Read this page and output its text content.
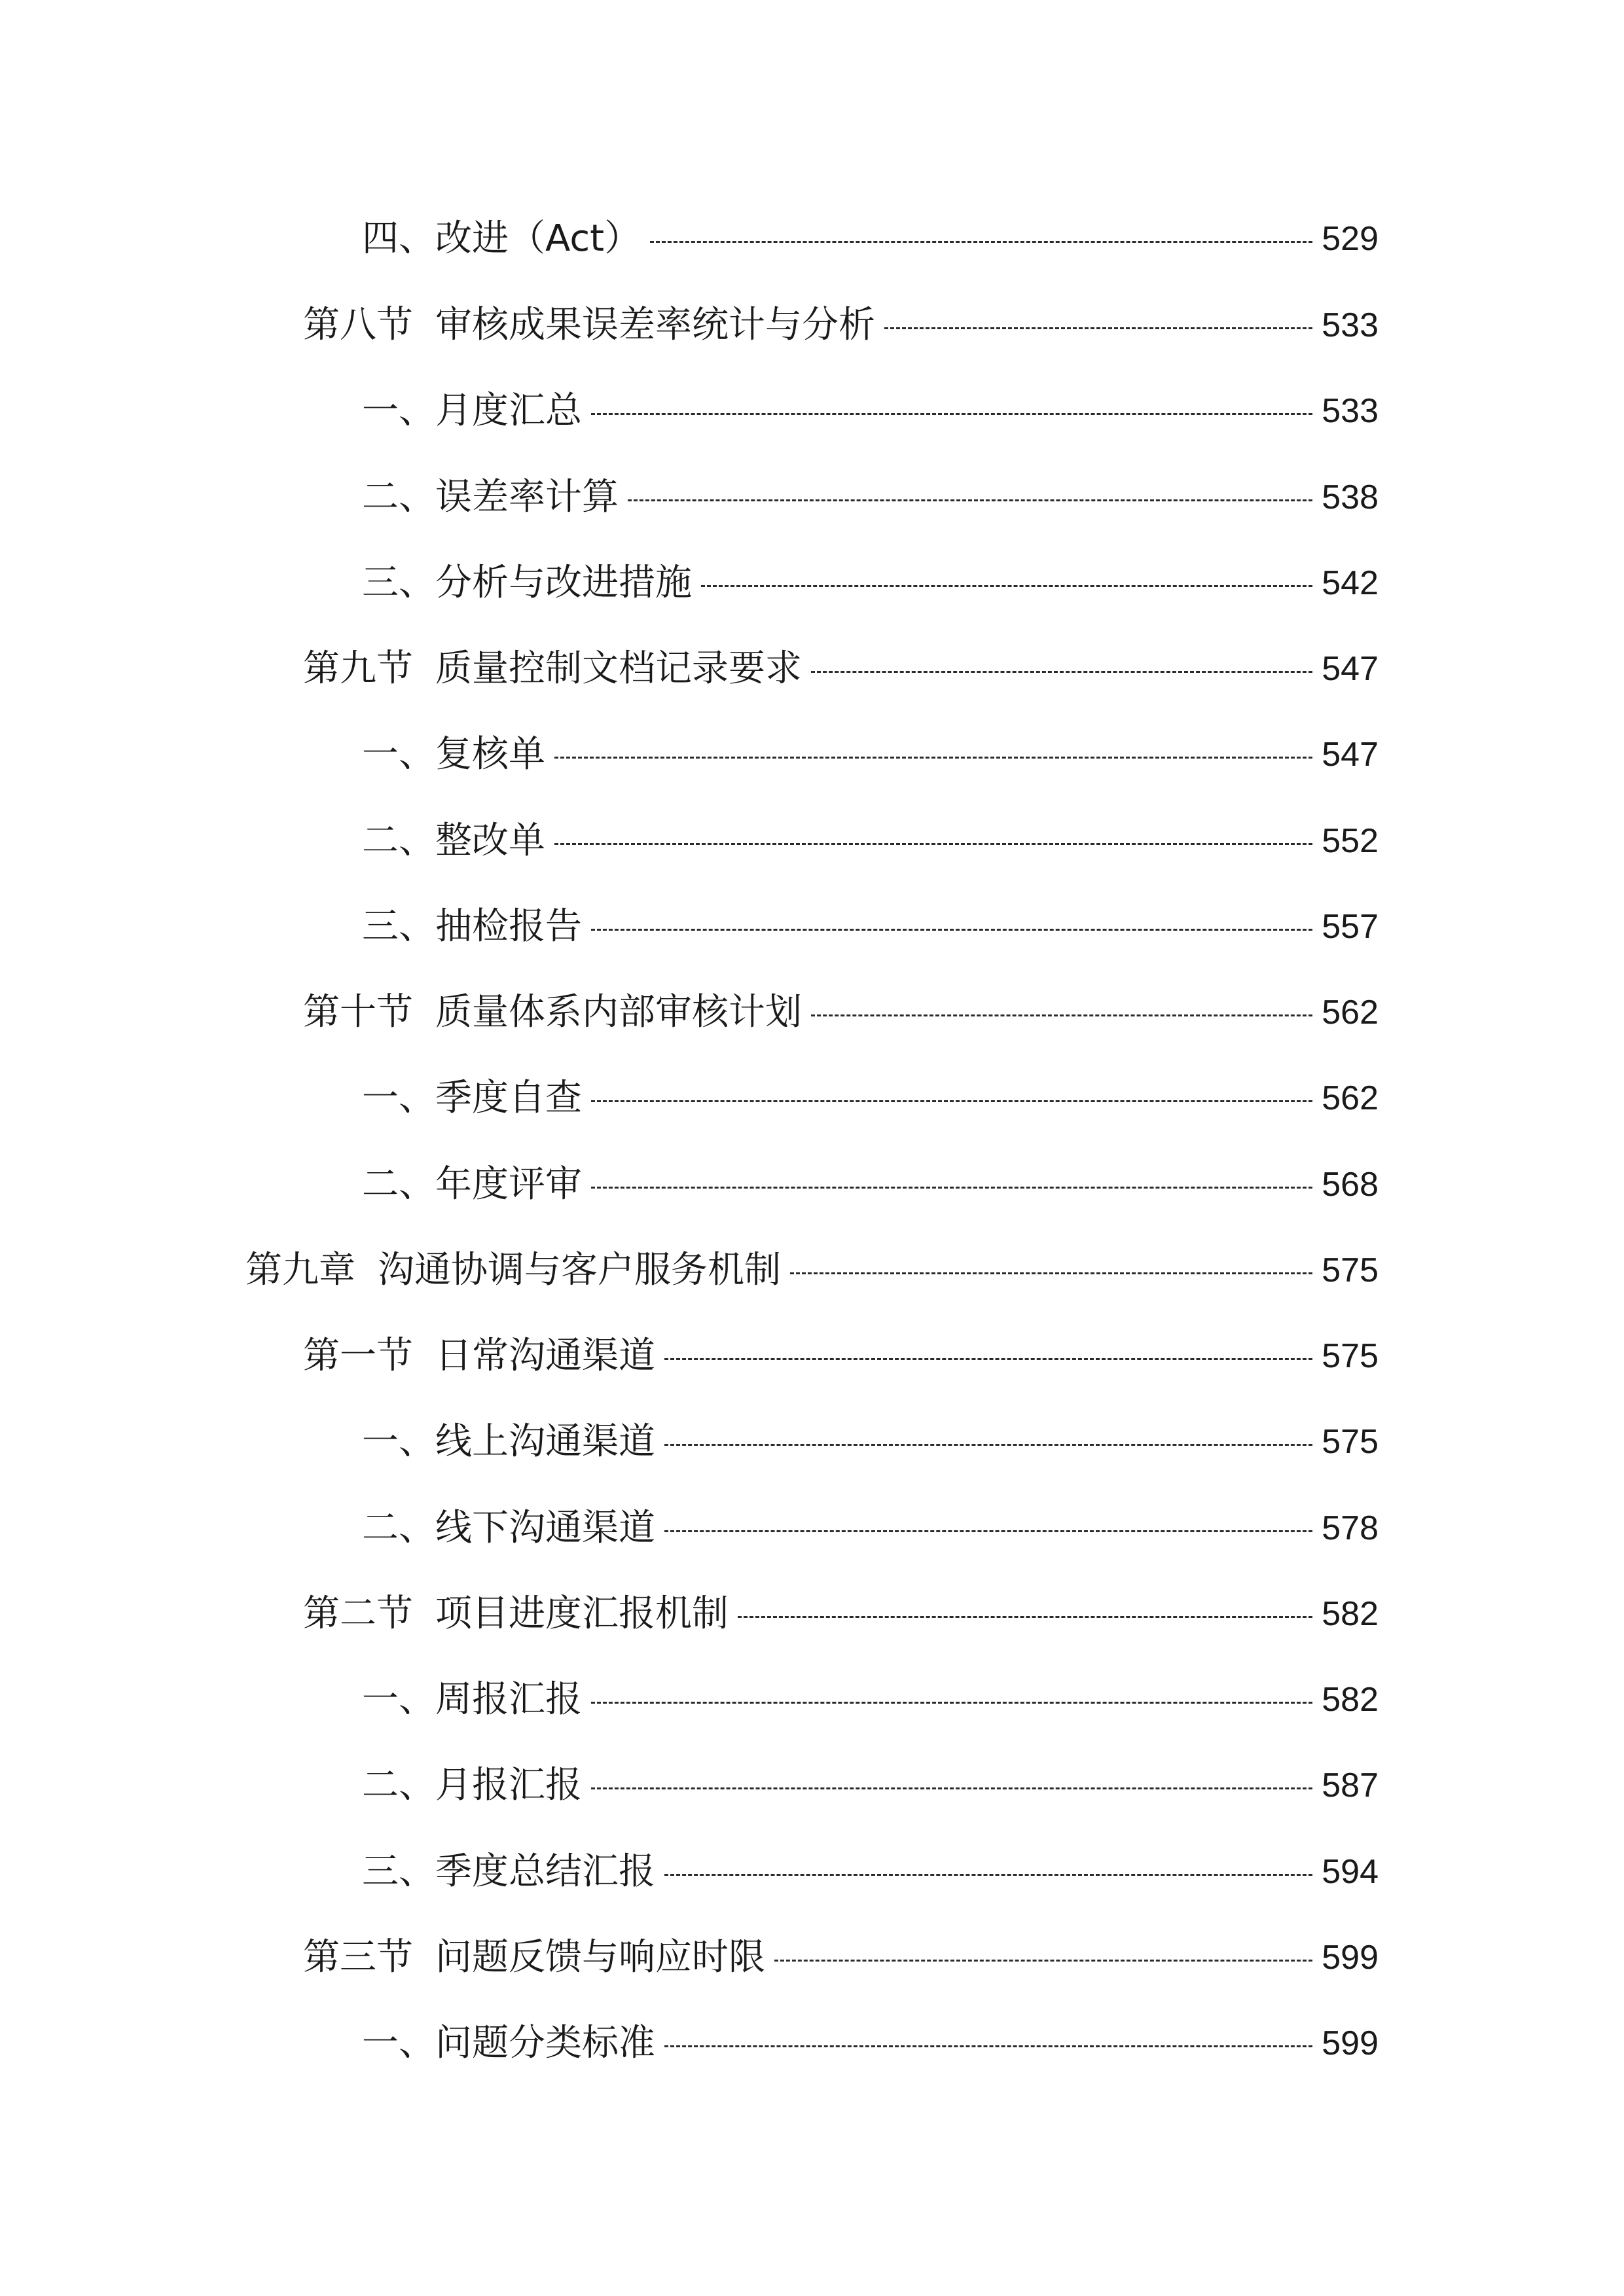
四、改进（Act）	529
第八节 审核成果误差率统计与分析	533
一、月度汇总	533
二、误差率计算	538
三、分析与改进措施	542
第九节 质量控制文档记录要求	547
一、复核单	547
二、整改单	552
三、抽检报告	557
第十节 质量体系内部审核计划	562
一、季度自查	562
二、年度评审	568
第九章 沟通协调与客户服务机制	575
第一节 日常沟通渠道	575
一、线上沟通渠道	575
二、线下沟通渠道	578
第二节 项目进度汇报机制	582
一、周报汇报	582
二、月报汇报	587
三、季度总结汇报	594
第三节 问题反馈与响应时限	599
一、问题分类标准	599
